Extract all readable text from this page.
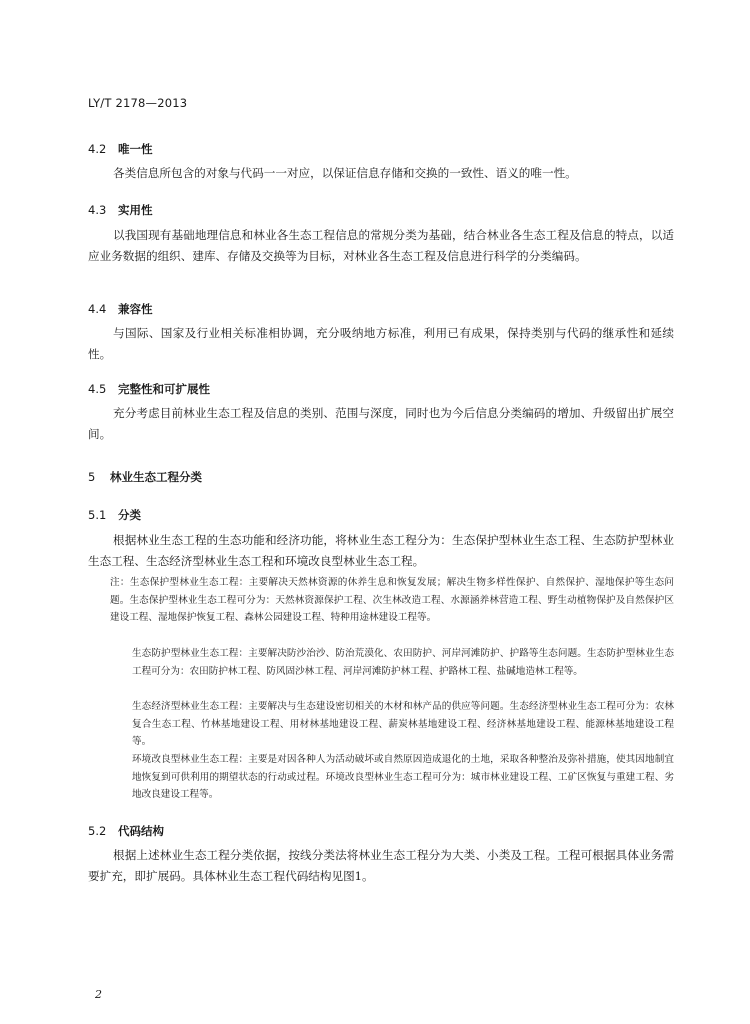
LY/T 2178—2013
4.2 唯一性
各类信息所包含的对象与代码一一对应，以保证信息存储和交换的一致性、语义的唯一性。
4.3 实用性
以我国现有基础地理信息和林业各生态工程信息的常规分类为基础，结合林业各生态工程及信息的特点，以适应业务数据的组织、建库、存储及交换等为目标，对林业各生态工程及信息进行科学的分类编码。
4.4 兼容性
与国际、国家及行业相关标准相协调，充分吸纳地方标准，利用已有成果，保持类别与代码的继承性和延续性。
4.5 完整性和可扩展性
充分考虑目前林业生态工程及信息的类别、范围与深度，同时也为今后信息分类编码的增加、升级留出扩展空间。
5 林业生态工程分类
5.1 分类
根据林业生态工程的生态功能和经济功能，将林业生态工程分为：生态保护型林业生态工程、生态防护型林业生态工程、生态经济型林业生态工程和环境改良型林业生态工程。
注：生态保护型林业生态工程：主要解决天然林资源的休养生息和恢复发展；解决生物多样性保护、自然保护、湿地保护等生态问题。生态保护型林业生态工程可分为：天然林资源保护工程、次生林改造工程、水源涵养林营造工程、野生动植物保护及自然保护区建设工程、湿地保护恢复工程、森林公园建设工程、特种用途林建设工程等。
生态防护型林业生态工程：主要解决防沙治沙、防治荒漠化、农田防护、河岸河滩防护、护路等生态问题。生态防护型林业生态工程可分为：农田防护林工程、防风固沙林工程、河岸河滩防护林工程、护路林工程、盐碱地造林工程等。
生态经济型林业生态工程：主要解决与生态建设密切相关的木材和林产品的供应等问题。生态经济型林业生态工程可分为：农林复合生态工程、竹林基地建设工程、用材林基地建设工程、薪炭林基地建设工程、经济林基地建设工程、能源林基地建设工程等。
环境改良型林业生态工程：主要是对因各种人为活动破坏或自然原因造成退化的土地，采取各种整治及弥补措施，使其因地制宜地恢复到可供利用的期望状态的行动或过程。环境改良型林业生态工程可分为：城市林业建设工程、工矿区恢复与重建工程、劣地改良建设工程等。
5.2 代码结构
根据上述林业生态工程分类依据，按线分类法将林业生态工程分为大类、小类及工程。工程可根据具体业务需要扩充，即扩展码。具体林业生态工程代码结构见图1。
2
